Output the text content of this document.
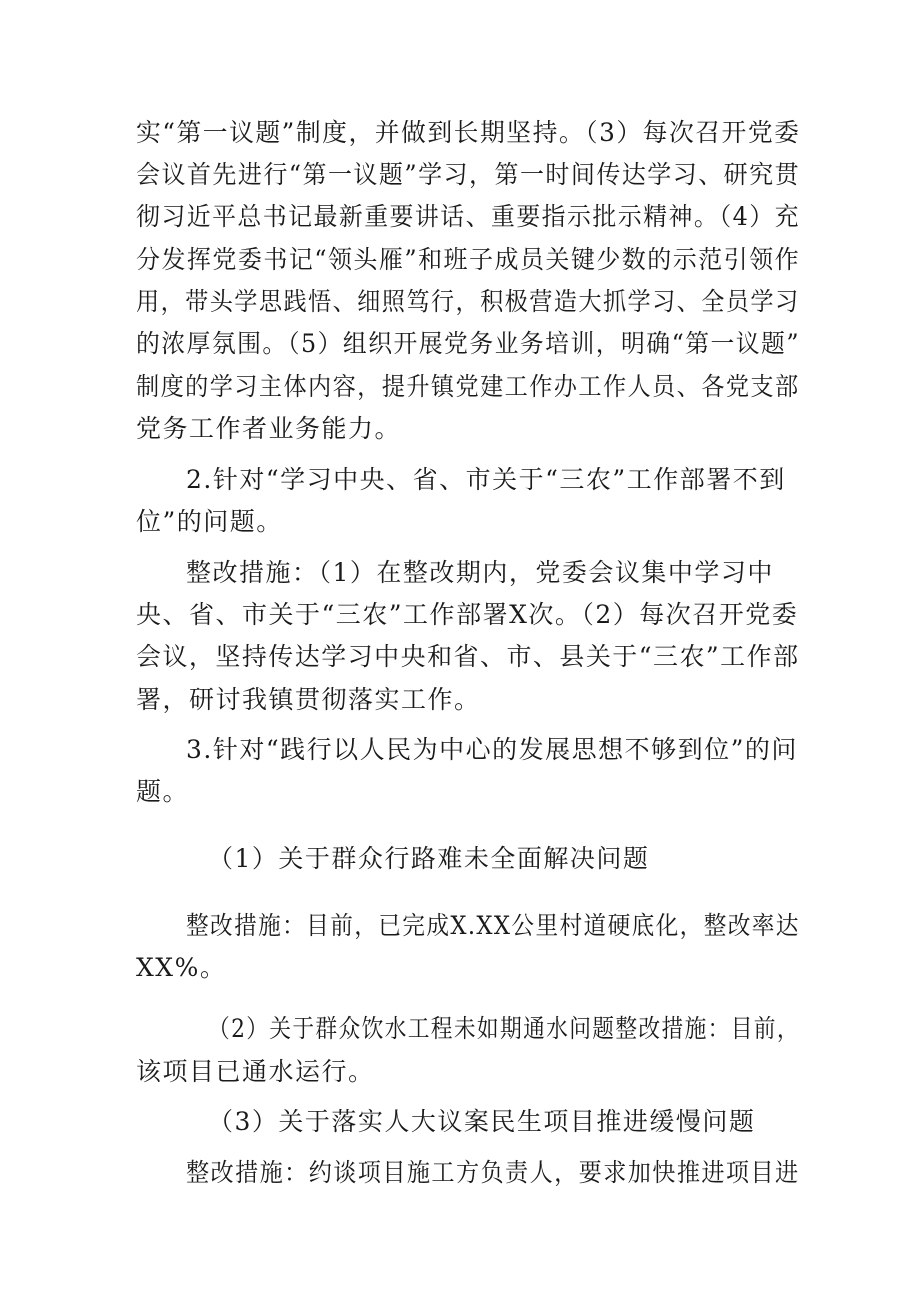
实“第一议题”制度，并做到长期坚持。（3）每次召开党委
会议首先进行“第一议题”学习，第一时间传达学习、研究贯
彻习近平总书记最新重要讲话、重要指示批示精神。（4）充
分发挥党委书记“领头雁”和班子成员关键少数的示范引领作
用，带头学思践悟、细照笃行，积极营造大抓学习、全员学习
的浓厚氛围。（5）组织开展党务业务培训，明确“第一议题”
制度的学习主体内容，提升镇党建工作办工作人员、各党支部
党务工作者业务能力。
2.针对“学习中央、省、市关于“三农”工作部署不到
位”的问题。
整改措施：（1）在整改期内，党委会议集中学习中
央、省、市关于“三农”工作部署X次。（2）每次召开党委
会议，坚持传达学习中央和省、市、县关于“三农”工作部
署，研讨我镇贯彻落实工作。
3.针对“践行以人民为中心的发展思想不够到位”的问
题。
（1）关于群众行路难未全面解决问题
整改措施：目前，已完成X.XX公里村道硬底化，整改率达
XX%。
（2）关于群众饮水工程未如期通水问题整改措施：目前，
该项目已通水运行。
（3）关于落实人大议案民生项目推进缓慢问题
整改措施：约谈项目施工方负责人，要求加快推进项目进
